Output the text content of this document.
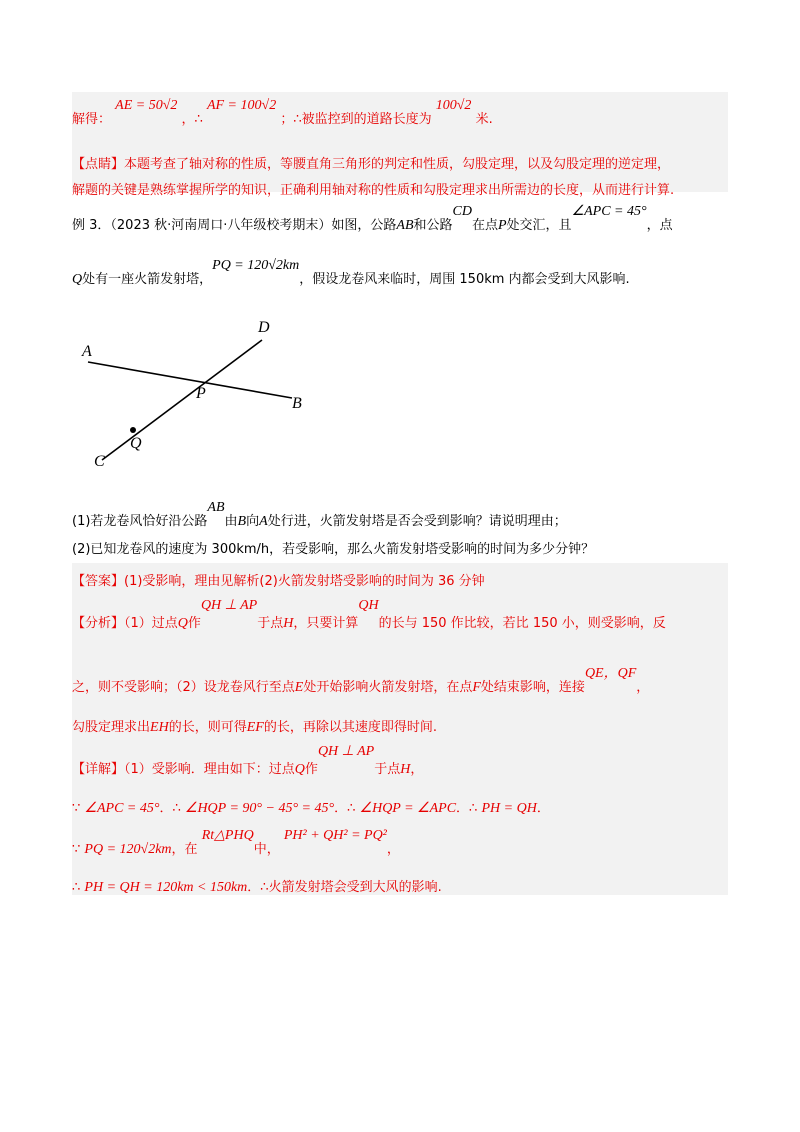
解得： AE = 50√2 ，∴ AF = 100√2 ；∴被监控到的道路长度为 100√2 米.
【点睛】本题考查了轴对称的性质，等腰直角三角形的判定和性质，勾股定理，以及勾股定理的逆定理，
解题的关键是熟练掌握所学的知识，正确利用轴对称的性质和勾股定理求出所需边的长度，从而进行计算.
例 3．（2023 秋·河南周口·八年级校考期末）如图，公路AB和公路CD在点P处交汇，且∠APC = 45°，点
Q处有一座火箭发射塔，PQ = 120√2km，假设龙卷风来临时，周围 150km 内都会受到大风影响.
A
B
C
D
P
Q
(1)若龙卷风恰好沿公路AB由B向A处行进，火箭发射塔是否会受到影响？请说明理由；
(2)已知龙卷风的速度为 300km/h，若受影响，那么火箭发射塔受影响的时间为多少分钟？
【答案】(1)受影响，理由见解析(2)火箭发射塔受影响的时间为 36 分钟
【分析】（1）过点Q作QH ⊥ AP于点H，只要计算QH的长与 150 作比较，若比 150 小，则受影响，反
之，则不受影响；（2）设龙卷风行至点E处开始影响火箭发射塔，在点F处结束影响，连接QE，QF，
勾股定理求出EH的长，则可得EF的长，再除以其速度即得时间.
【详解】（1）受影响．理由如下：过点Q作QH ⊥ AP于点H，
∵ ∠APC = 45°．∴ ∠HQP = 90° − 45° = 45°．∴ ∠HQP = ∠APC．∴ PH = QH．
∵ PQ = 120√2km，在 Rt△PHQ中， PH² + QH² = PQ²，
∴ PH = QH = 120km < 150km．∴火箭发射塔会受到大风的影响.
